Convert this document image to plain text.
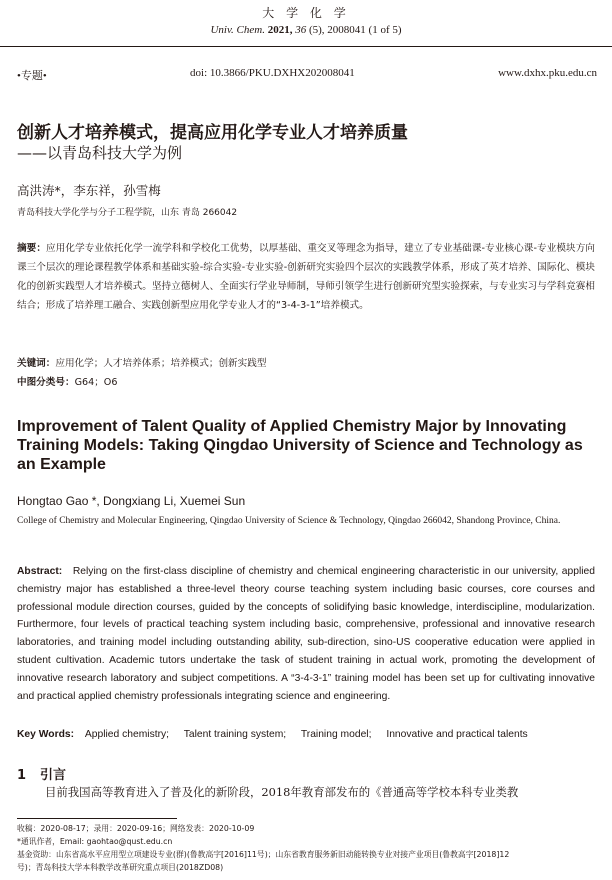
大 学 化 学
Univ. Chem. 2021, 36 (5), 2008041 (1 of 5)
•专题•	doi: 10.3866/PKU.DXHX202008041	www.dxhx.pku.edu.cn
创新人才培养模式，提高应用化学专业人才培养质量
——以青岛科技大学为例
高洪涛*，李东祥，孙雪梅
青岛科技大学化学与分子工程学院，山东 青岛 266042
摘要：应用化学专业依托化学一流学科和学校化工优势，以厚基础、重交叉等理念为指导，建立了专业基础课-专业核心课-专业模块方向课三个层次的理论课程教学体系和基础实验-综合实验-专业实验-创新研究实验四个层次的实践教学体系，形成了英才培养、国际化、模块化的创新实践型人才培养模式。坚持立德树人、全面实行学业导师制，导师引领学生进行创新研究型实验探索，与专业实习与学科竞赛相结合；形成了培养理工融合、实践创新型应用化学专业人才的“3-4-3-1”培养模式。
关键词：应用化学；人才培养体系；培养模式；创新实践型
中图分类号：G64；O6
Improvement of Talent Quality of Applied Chemistry Major by Innovating Training Models: Taking Qingdao University of Science and Technology as an Example
Hongtao Gao *, Dongxiang Li, Xuemei Sun
College of Chemistry and Molecular Engineering, Qingdao University of Science & Technology, Qingdao 266042, Shandong Province, China.
Abstract: Relying on the first-class discipline of chemistry and chemical engineering characteristic in our university, applied chemistry major has established a three-level theory course teaching system including basic courses, core courses and professional module direction courses, guided by the concepts of solidifying basic knowledge, interdiscipline, modularization. Furthermore, four levels of practical teaching system including basic, comprehensive, professional and innovative research laboratories, and training model including outstanding ability, sub-direction, sino-US cooperative education were applied in student cultivation. Academic tutors undertake the task of student training in actual work, promoting the development of innovative research laboratory and subject competitions. A “3-4-3-1” training model has been set up for cultivating innovative and practical applied chemistry professionals integrating science and engineering.
Key Words: Applied chemistry; Talent training system; Training model; Innovative and practical talents
1 引言
目前我国高等教育进入了普及化的新阶段，2018年教育部发布的《普通高等学校本科专业类教
收稿：2020-08-17；录用：2020-09-16；网络发表：2020-10-09
*通讯作者，Email: gaohtao@qust.edu.cn
基金资助：山东省高水平应用型立项建设专业(群)(鲁教高字[2016]11号)；山东省教育服务新旧动能转换专业对接产业项目(鲁教高字[2018]12
号)；青岛科技大学本科教学改革研究重点项目(2018ZD08)
